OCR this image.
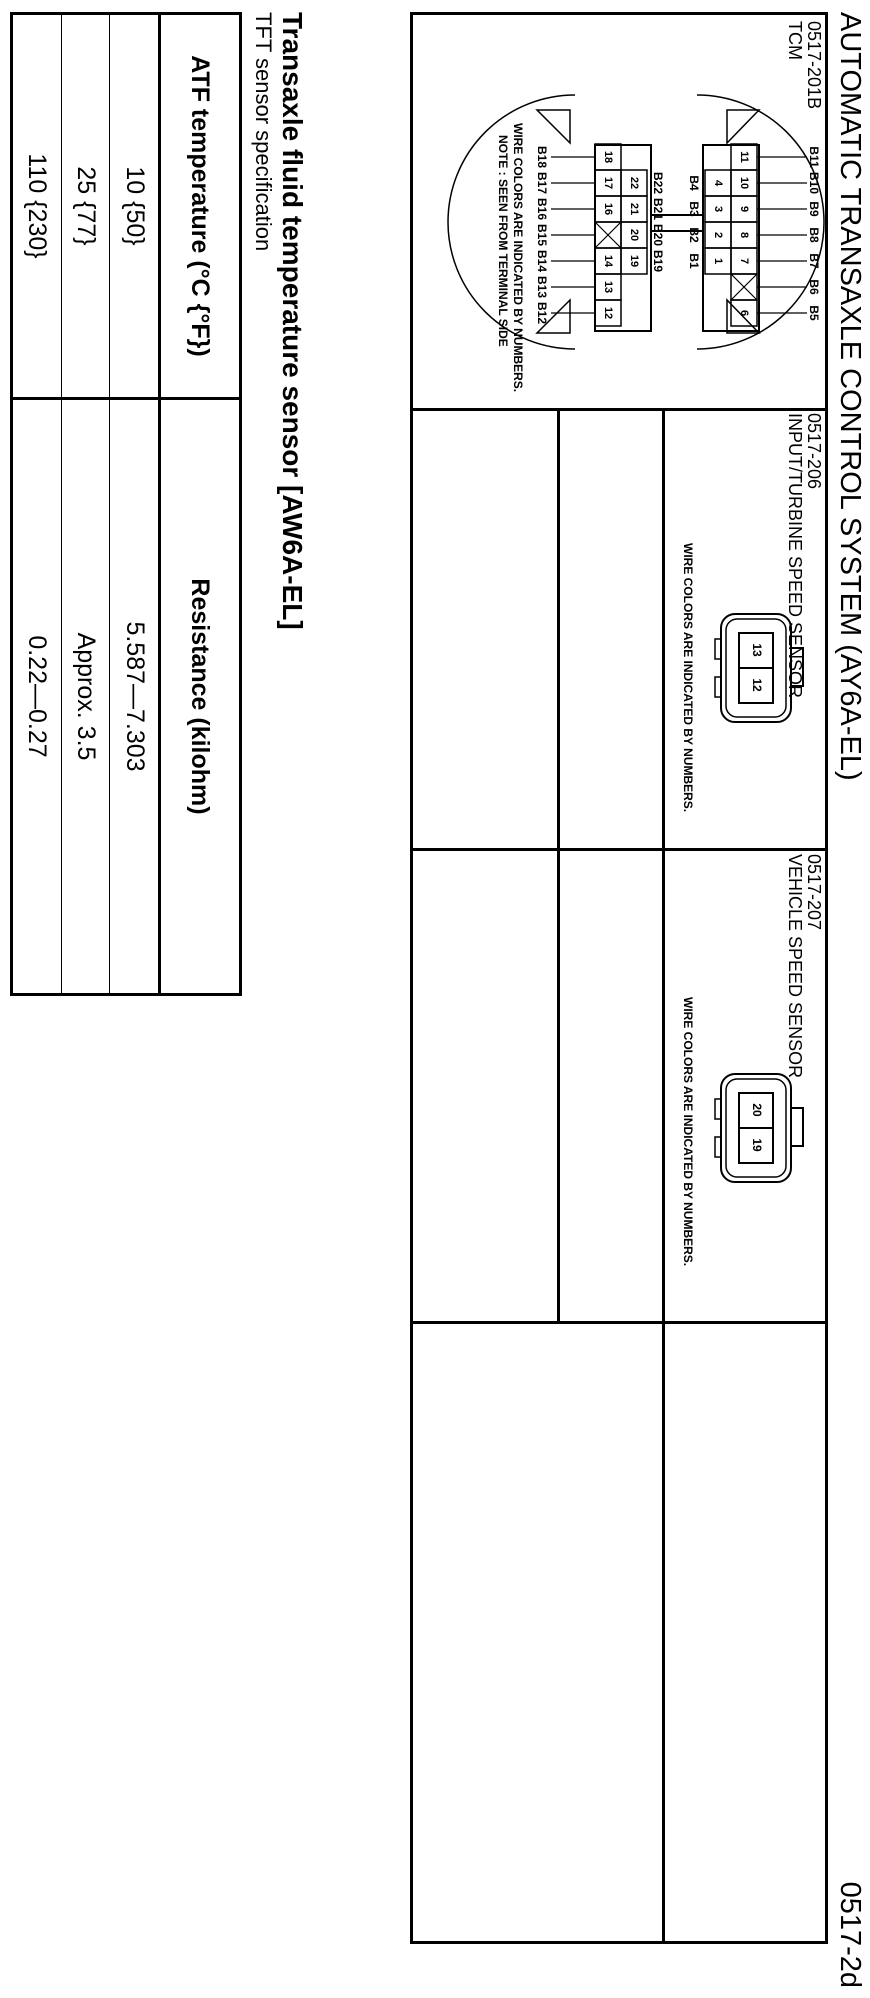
AUTOMATIC TRANSAXLE CONTROL SYSTEM (AY6A-EL)
0517-2d
0517-201B
TCM
11
10
9
8
7
6
4
3
2
1
18
17
16
14
13
12
22
21
20
19
B11
B10
B9
B8
B7
B6
B5
B18
B17
B16
B15
B14
B13
B12
B4
B3
B2
B1
B22
B21
B20
B19
WIRE COLORS ARE INDICATED BY NUMBERS.
NOTE : SEEN FROM TERMINAL SIDE
0517-206
INPUT/TURBINE SPEED SENSOR
13
12
WIRE COLORS ARE INDICATED BY NUMBERS.
0517-207
VEHICLE SPEED SENSOR
20
19
WIRE COLORS ARE INDICATED BY NUMBERS.
Transaxle fluid temperature sensor [AW6A-EL]
TFT sensor specification
ATF temperature (°C {°F})	Resistance (kilohm)
10 {50}	5.587—7.303
25 {77}	Approx. 3.5
110 {230}	0.22—0.27
